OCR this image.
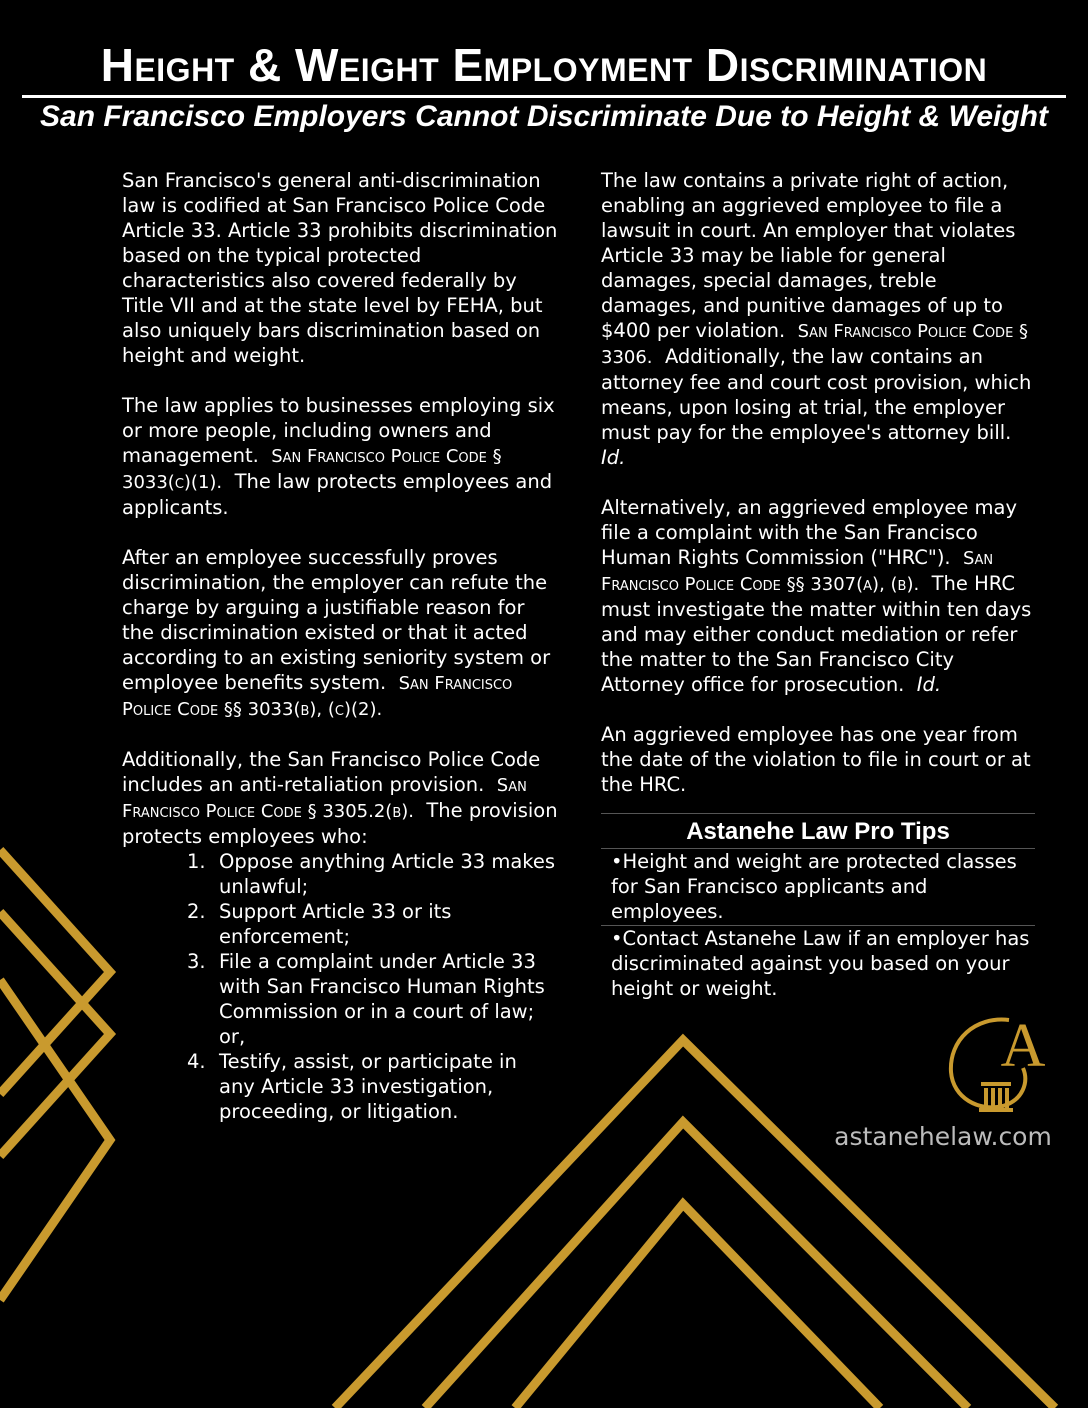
Height & Weight Employment Discrimination
San Francisco Employers Cannot Discriminate Due to Height & Weight

San Francisco's general anti-discrimination law is codified at San Francisco Police Code Article 33. Article 33 prohibits discrimination based on the typical protected characteristics also covered federally by Title VII and at the state level by FEHA, but also uniquely bars discrimination based on height and weight.

The law applies to businesses employing six or more people, including owners and management. San Francisco Police Code § 3033(c)(1). The law protects employees and applicants.

After an employee successfully proves discrimination, the employer can refute the charge by arguing a justifiable reason for the discrimination existed or that it acted according to an existing seniority system or employee benefits system. San Francisco Police Code §§ 3033(b), (c)(2).

Additionally, the San Francisco Police Code includes an anti-retaliation provision. San Francisco Police Code § 3305.2(b). The provision protects employees who:

1. Oppose anything Article 33 makes unlawful;
2. Support Article 33 or its enforcement;
3. File a complaint under Article 33 with San Francisco Human Rights Commission or in a court of law; or,
4. Testify, assist, or participate in any Article 33 investigation, proceeding, or litigation.

The law contains a private right of action, enabling an aggrieved employee to file a lawsuit in court. An employer that violates Article 33 may be liable for general damages, special damages, treble damages, and punitive damages of up to $400 per violation. San Francisco Police Code § 3306. Additionally, the law contains an attorney fee and court cost provision, which means, upon losing at trial, the employer must pay for the employee's attorney bill.  Id.

Alternatively, an aggrieved employee may file a complaint with the San Francisco Human Rights Commission ("HRC"). San Francisco Police Code §§ 3307(a), (b). The HRC must investigate the matter within ten days and may either conduct mediation or refer the matter to the San Francisco City Attorney office for prosecution. Id.

An aggrieved employee has one year from the date of the violation to file in court or at the HRC.

Astanehe Law Pro Tips
•Height and weight are protected classes for San Francisco applicants and employees.
•Contact Astanehe Law if an employer has discriminated against you based on your height or weight.
A
astanehelaw.com
